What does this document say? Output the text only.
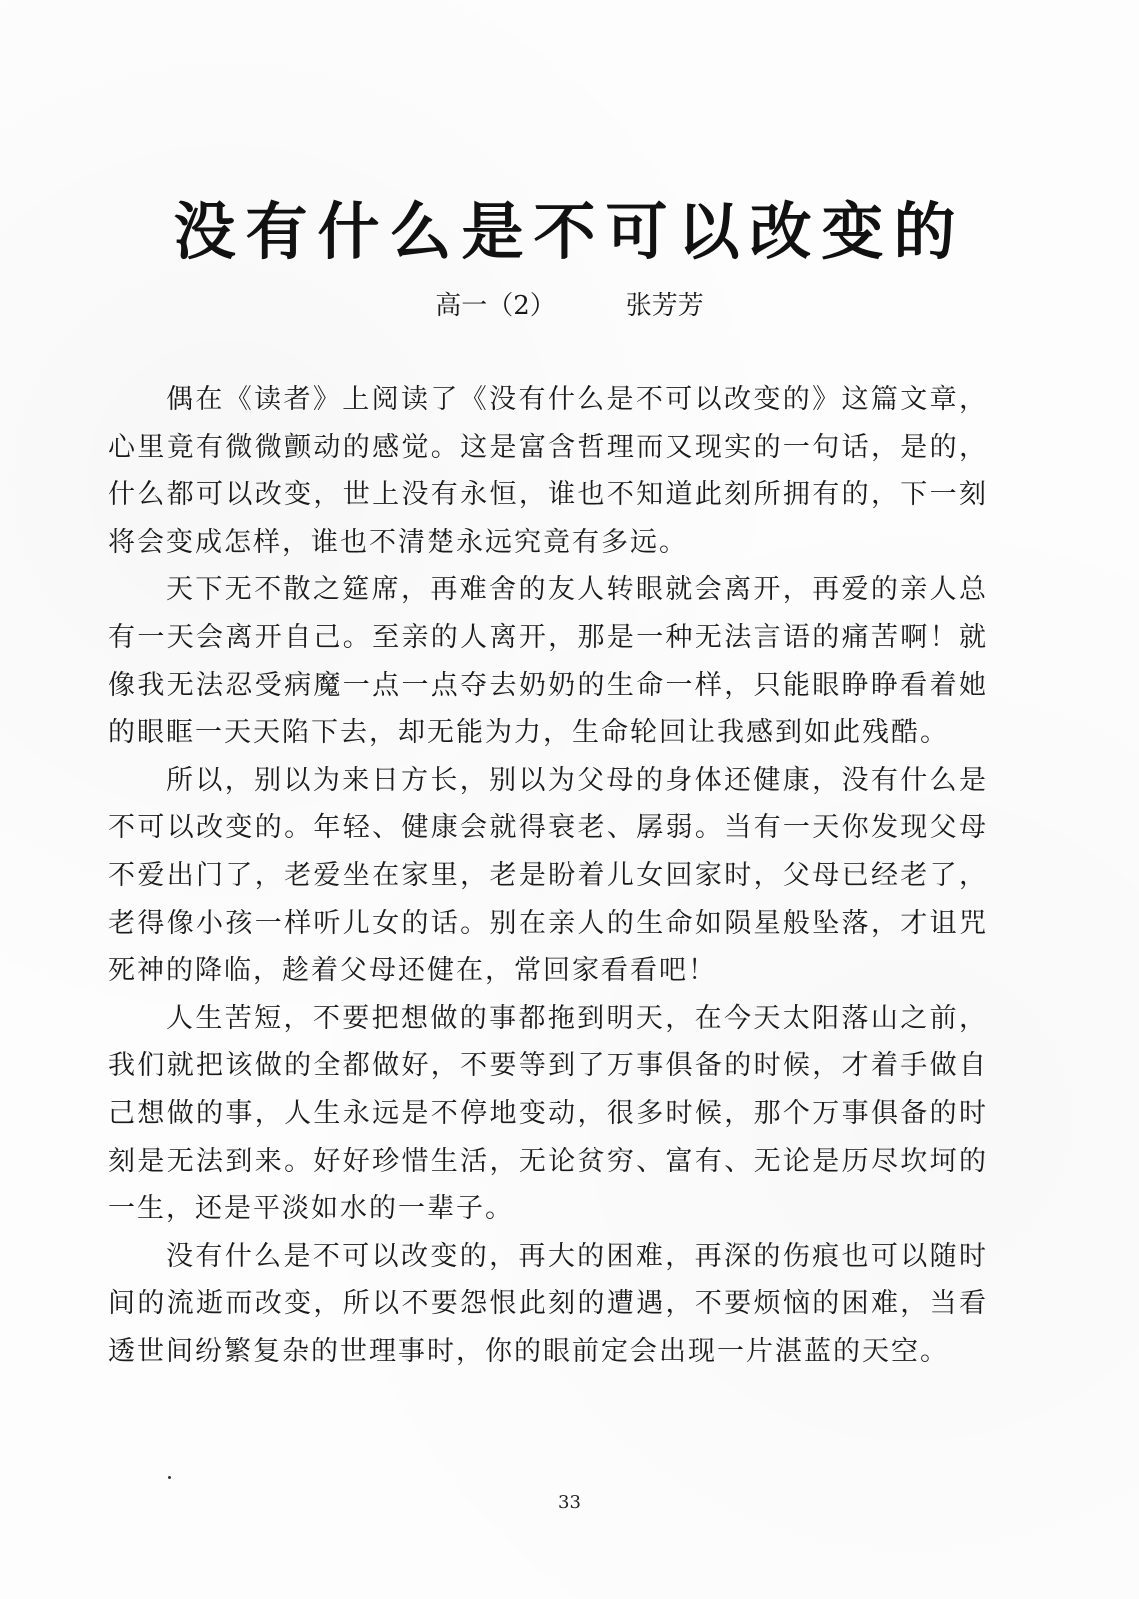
没有什么是不可以改变的
高一（2）	张芳芳

偶在《读者》上阅读了《没有什么是不可以改变的》这篇文章，心里竟有微微颤动的感觉。这是富含哲理而又现实的一句话，是的，什么都可以改变，世上没有永恒，谁也不知道此刻所拥有的，下一刻将会变成怎样，谁也不清楚永远究竟有多远。

天下无不散之筵席，再难舍的友人转眼就会离开，再爱的亲人总有一天会离开自己。至亲的人离开，那是一种无法言语的痛苦啊！就像我无法忍受病魔一点一点夺去奶奶的生命一样，只能眼睁睁看着她的眼眶一天天陷下去，却无能为力，生命轮回让我感到如此残酷。

所以，别以为来日方长，别以为父母的身体还健康，没有什么是不可以改变的。年轻、健康会就得衰老、孱弱。当有一天你发现父母不爱出门了，老爱坐在家里，老是盼着儿女回家时，父母已经老了，老得像小孩一样听儿女的话。别在亲人的生命如陨星般坠落，才诅咒死神的降临，趁着父母还健在，常回家看看吧！

人生苦短，不要把想做的事都拖到明天，在今天太阳落山之前，我们就把该做的全都做好，不要等到了万事俱备的时候，才着手做自己想做的事，人生永远是不停地变动，很多时候，那个万事俱备的时刻是无法到来。好好珍惜生活，无论贫穷、富有、无论是历尽坎坷的一生，还是平淡如水的一辈子。

没有什么是不可以改变的，再大的困难，再深的伤痕也可以随时间的流逝而改变，所以不要怨恨此刻的遭遇，不要烦恼的困难，当看透世间纷繁复杂的世理事时，你的眼前定会出现一片湛蓝的天空。

33
